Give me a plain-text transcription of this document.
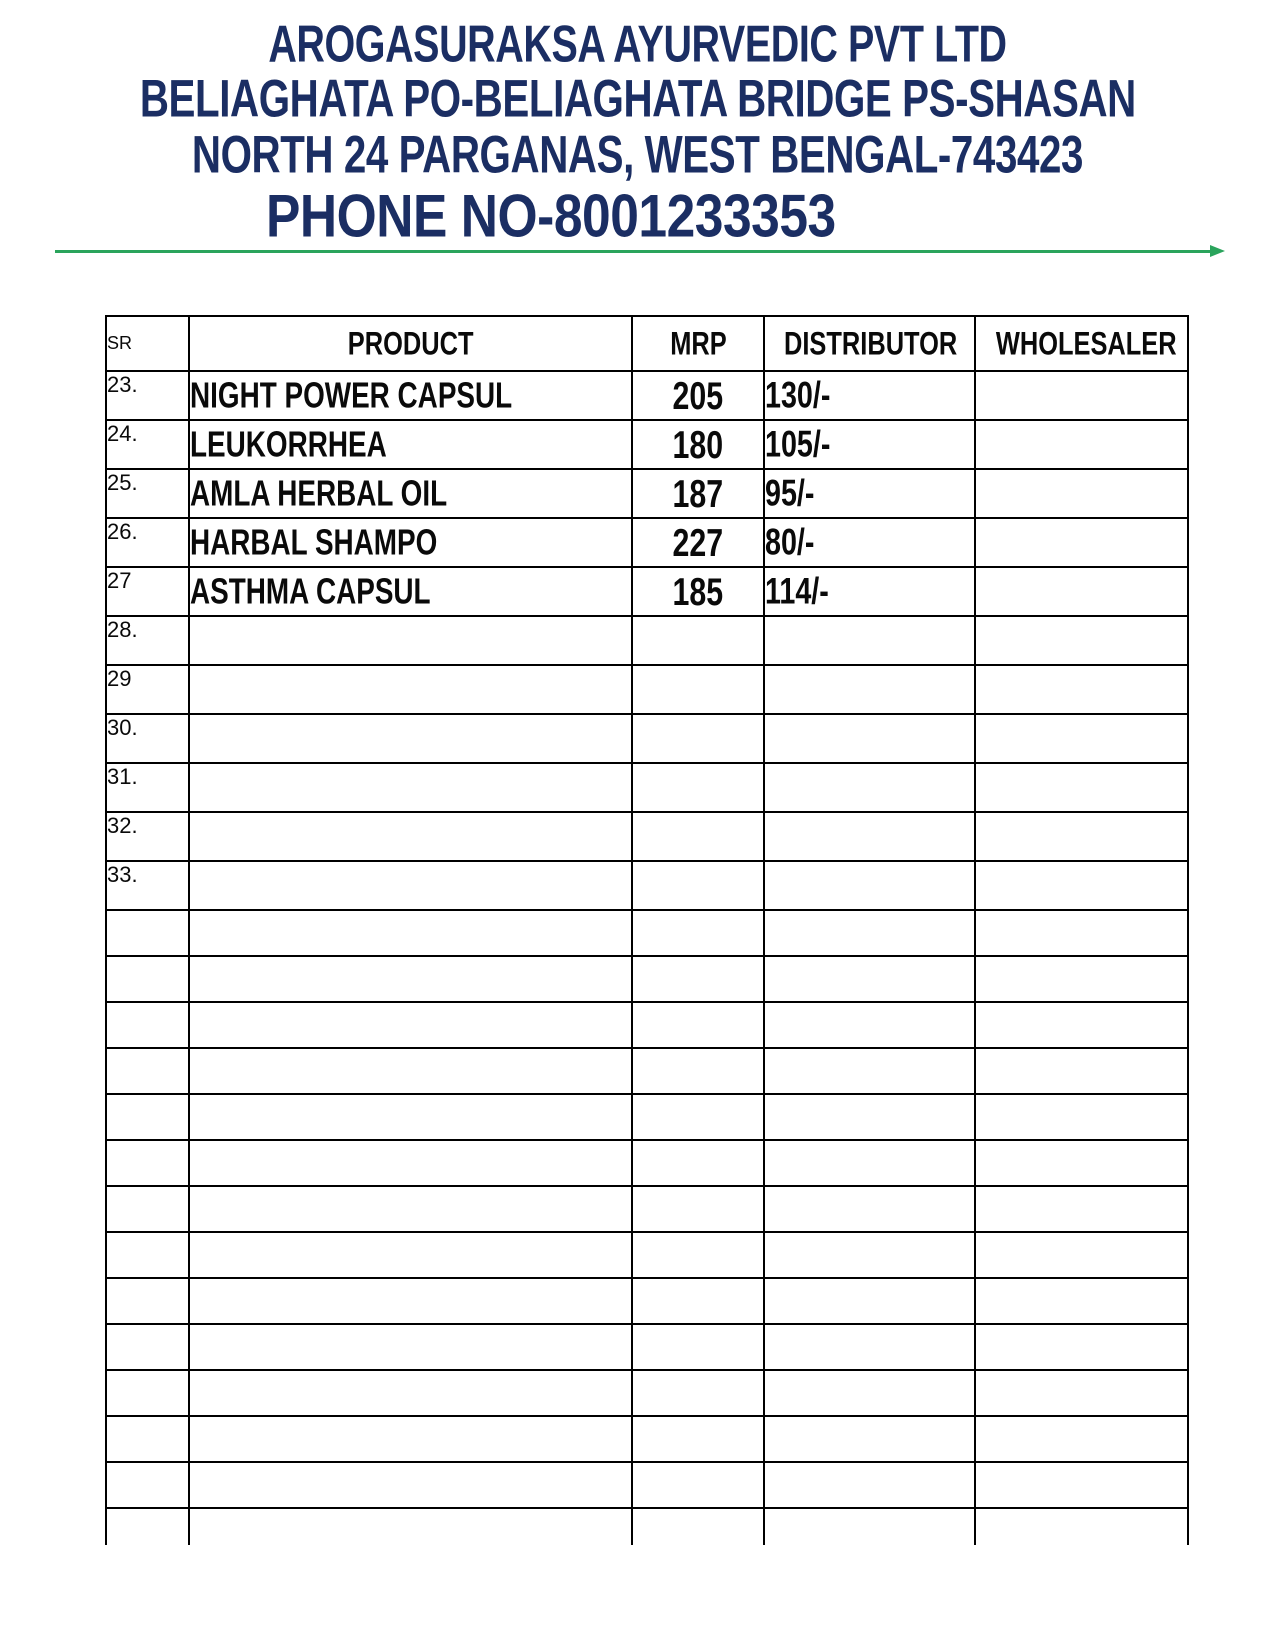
AROGASURAKSA AYURVEDIC PVT LTD
BELIAGHATA PO-BELIAGHATA BRIDGE PS-SHASAN
NORTH 24 PARGANAS, WEST BENGAL-743423
PHONE NO-8001233353
SR	PRODUCT	MRP	DISTRIBUTOR	WHOLESALER
23.	NIGHT POWER CAPSUL	205	130/-	
24.	LEUKORRHEA	180	105/-	
25.	AMLA HERBAL OIL	187	95/-	
26.	HARBAL SHAMPO	227	80/-	
27	ASTHMA CAPSUL	185	114/-	
28.				
29				
30.				
31.				
32.				
33.				
